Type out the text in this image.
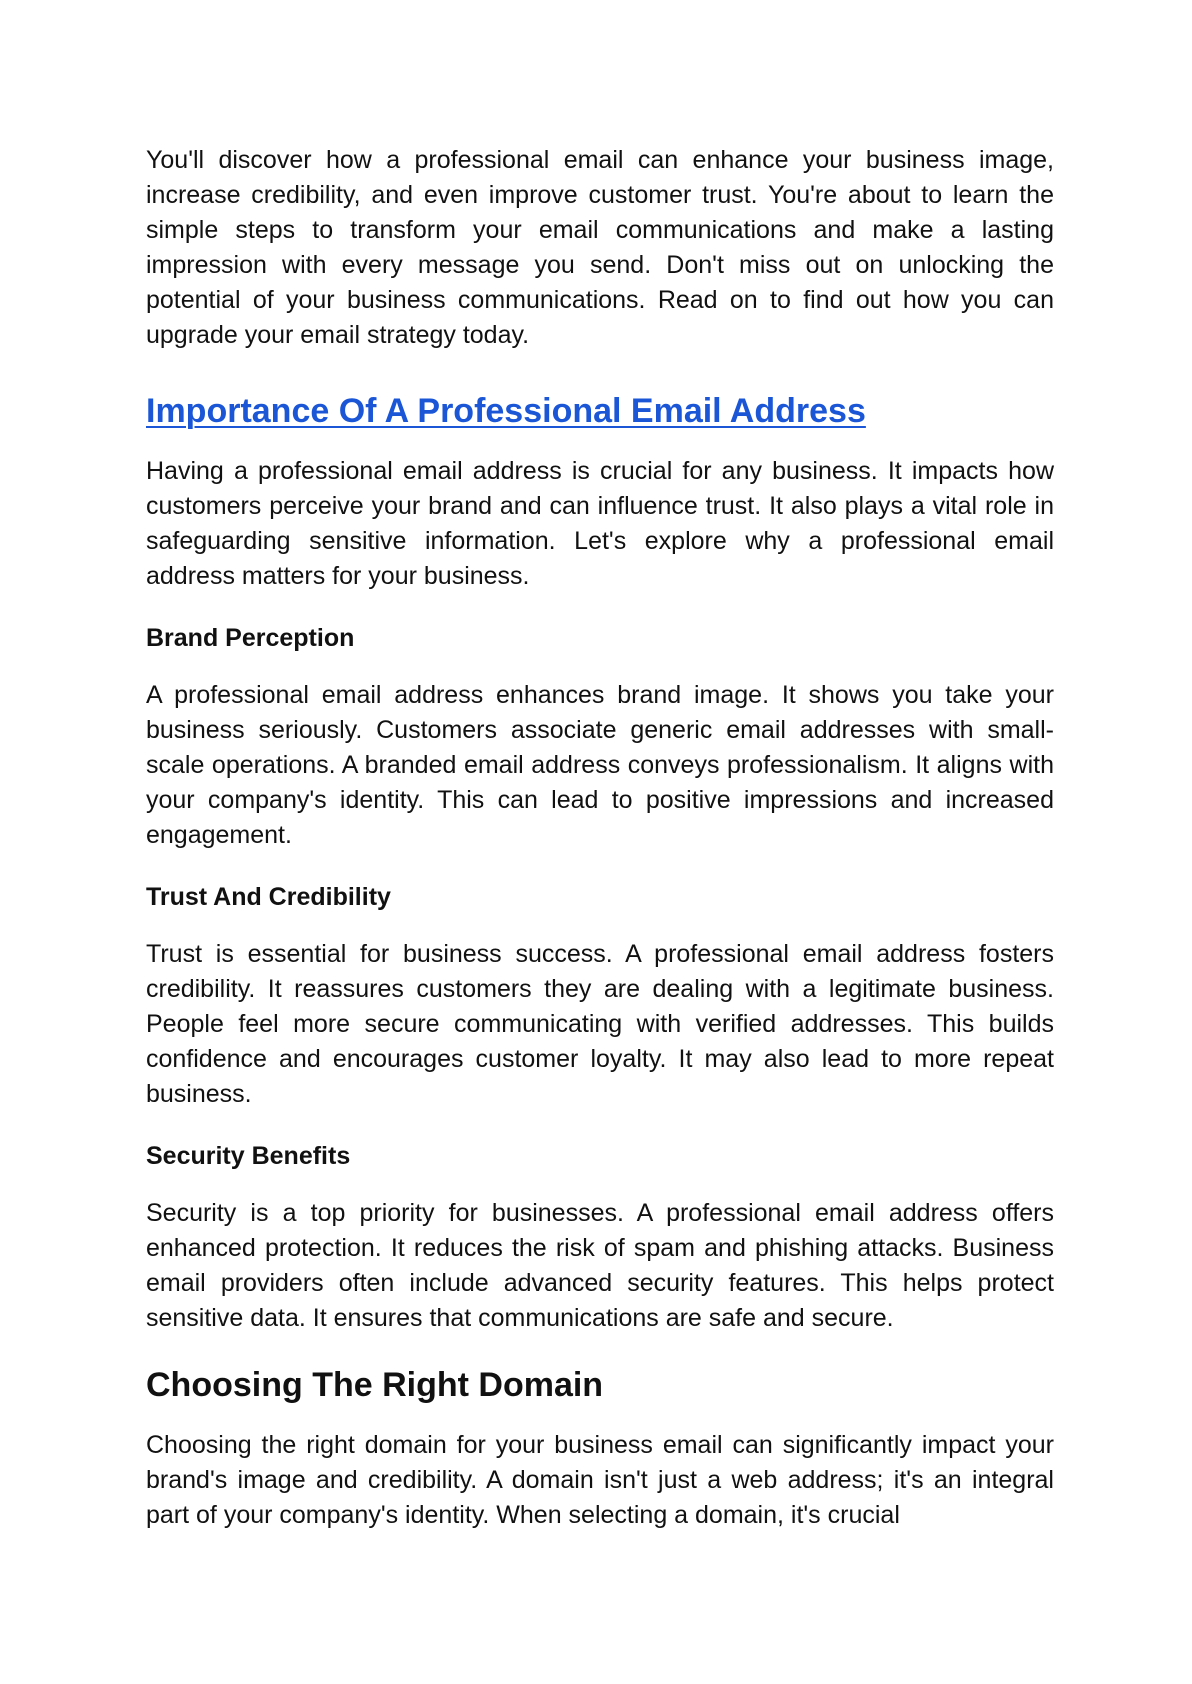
You'll discover how a professional email can enhance your business image, increase credibility, and even improve customer trust. You're about to learn the simple steps to transform your email communications and make a lasting impression with every message you send. Don't miss out on unlocking the potential of your business communications. Read on to find out how you can upgrade your email strategy today.

Importance Of A Professional Email Address

Having a professional email address is crucial for any business. It impacts how customers perceive your brand and can influence trust. It also plays a vital role in safeguarding sensitive information. Let's explore why a professional email address matters for your business.

Brand Perception

A professional email address enhances brand image. It shows you take your business seriously. Customers associate generic email addresses with small-scale operations. A branded email address conveys professionalism. It aligns with your company's identity. This can lead to positive impressions and increased engagement.

Trust And Credibility

Trust is essential for business success. A professional email address fosters credibility. It reassures customers they are dealing with a legitimate business. People feel more secure communicating with verified addresses. This builds confidence and encourages customer loyalty. It may also lead to more repeat business.

Security Benefits

Security is a top priority for businesses. A professional email address offers enhanced protection. It reduces the risk of spam and phishing attacks. Business email providers often include advanced security features. This helps protect sensitive data. It ensures that communications are safe and secure.

Choosing The Right Domain

Choosing the right domain for your business email can significantly impact your brand's image and credibility. A domain isn't just a web address; it's an integral part of your company's identity. When selecting a domain, it's crucial
